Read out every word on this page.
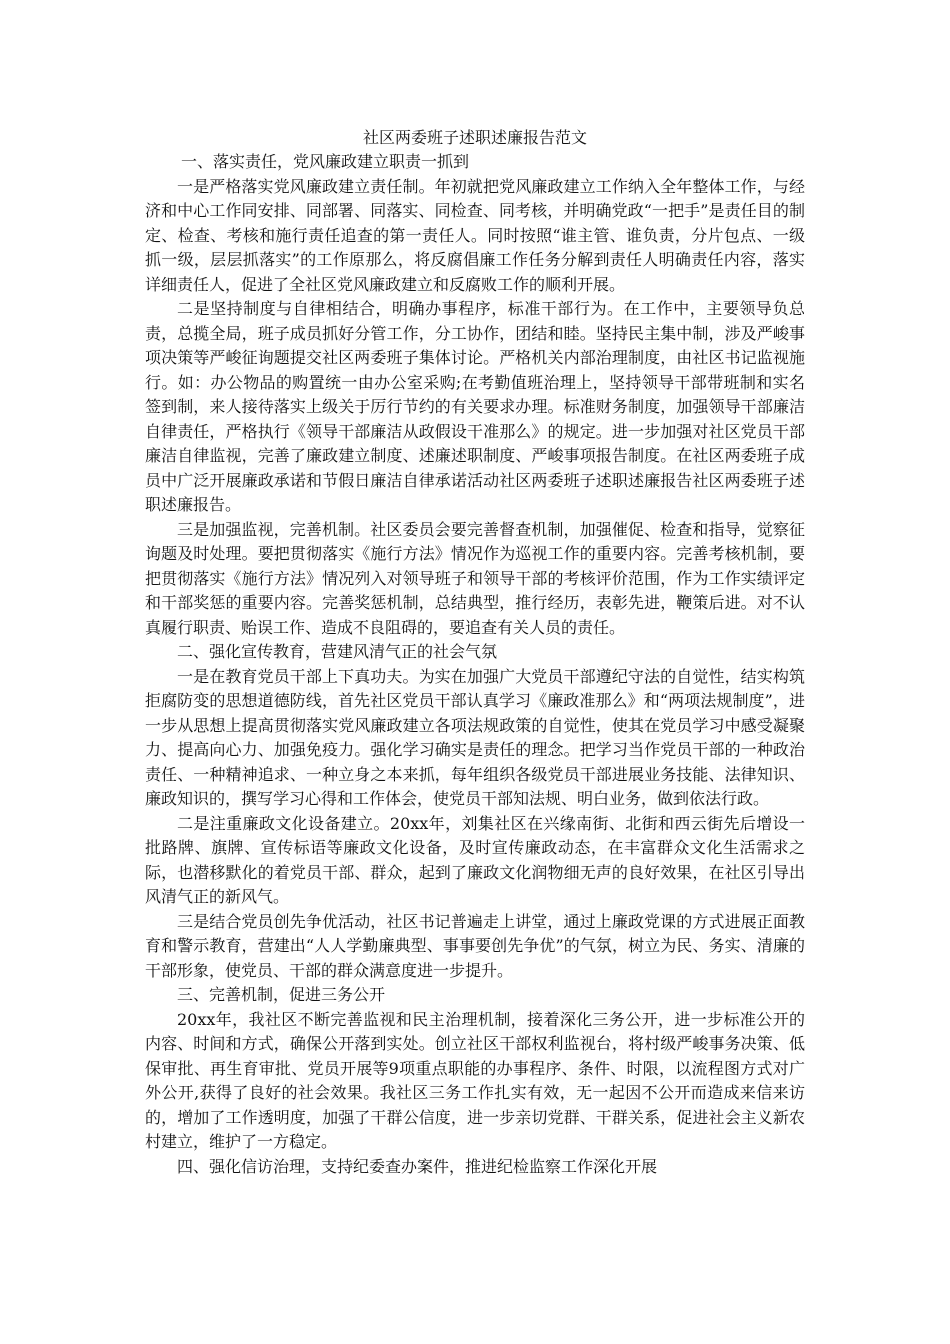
社区两委班子述职述廉报告范文

一、落实责任，党风廉政建立职责一抓到

一是严格落实党风廉政建立责任制。年初就把党风廉政建立工作纳入全年整体工作，与经济和中心工作同安排、同部署、同落实、同检查、同考核，并明确党政“一把手”是责任目的制定、检查、考核和施行责任追查的第一责任人。同时按照“谁主管、谁负责，分片包点、一级抓一级，层层抓落实”的工作原那么，将反腐倡廉工作任务分解到责任人明确责任内容，落实详细责任人，促进了全社区党风廉政建立和反腐败工作的顺利开展。

二是坚持制度与自律相结合，明确办事程序，标准干部行为。在工作中，主要领导负总责，总揽全局，班子成员抓好分管工作，分工协作，团结和睦。坚持民主集中制，涉及严峻事项决策等严峻征询题提交社区两委班子集体讨论。严格机关内部治理制度，由社区书记监视施行。如：办公物品的购置统一由办公室采购;在考勤值班治理上，坚持领导干部带班制和实名签到制，来人接待落实上级关于厉行节约的有关要求办理。标准财务制度，加强领导干部廉洁自律责任，严格执行《领导干部廉洁从政假设干准那么》的规定。进一步加强对社区党员干部廉洁自律监视，完善了廉政建立制度、述廉述职制度、严峻事项报告制度。在社区两委班子成员中广泛开展廉政承诺和节假日廉洁自律承诺活动社区两委班子述职述廉报告社区两委班子述职述廉报告。

三是加强监视，完善机制。社区委员会要完善督查机制，加强催促、检查和指导，觉察征询题及时处理。要把贯彻落实《施行方法》情况作为巡视工作的重要内容。完善考核机制，要把贯彻落实《施行方法》情况列入对领导班子和领导干部的考核评价范围，作为工作实绩评定和干部奖惩的重要内容。完善奖惩机制，总结典型，推行经历，表彰先进，鞭策后进。对不认真履行职责、贻误工作、造成不良阻碍的，要追查有关人员的责任。

二、强化宣传教育，营建风清气正的社会气氛

一是在教育党员干部上下真功夫。为实在加强广大党员干部遵纪守法的自觉性，结实构筑拒腐防变的思想道德防线，首先社区党员干部认真学习《廉政准那么》和“两项法规制度”，进一步从思想上提高贯彻落实党风廉政建立各项法规政策的自觉性，使其在党员学习中感受凝聚力、提高向心力、加强免疫力。强化学习确实是责任的理念。把学习当作党员干部的一种政治责任、一种精神追求、一种立身之本来抓，每年组织各级党员干部进展业务技能、法律知识、廉政知识的，撰写学习心得和工作体会，使党员干部知法规、明白业务，做到依法行政。

二是注重廉政文化设备建立。20xx年，刘集社区在兴缘南街、北街和西云街先后增设一批路牌、旗牌、宣传标语等廉政文化设备，及时宣传廉政动态，在丰富群众文化生活需求之际，也潜移默化的着党员干部、群众，起到了廉政文化润物细无声的良好效果，在社区引导出风清气正的新风气。

三是结合党员创先争优活动，社区书记普遍走上讲堂，通过上廉政党课的方式进展正面教育和警示教育，营建出“人人学勤廉典型、事事要创先争优”的气氛，树立为民、务实、清廉的干部形象，使党员、干部的群众满意度进一步提升。

三、完善机制，促进三务公开

20xx年，我社区不断完善监视和民主治理机制，接着深化三务公开，进一步标准公开的内容、时间和方式，确保公开落到实处。创立社区干部权利监视台，将村级严峻事务决策、低保审批、再生育审批、党员开展等9项重点职能的办事程序、条件、时限，以流程图方式对广外公开,获得了良好的社会效果。我社区三务工作扎实有效，无一起因不公开而造成来信来访的，增加了工作透明度，加强了干群公信度，进一步亲切党群、干群关系，促进社会主义新农村建立，维护了一方稳定。

四、强化信访治理，支持纪委查办案件，推进纪检监察工作深化开展
